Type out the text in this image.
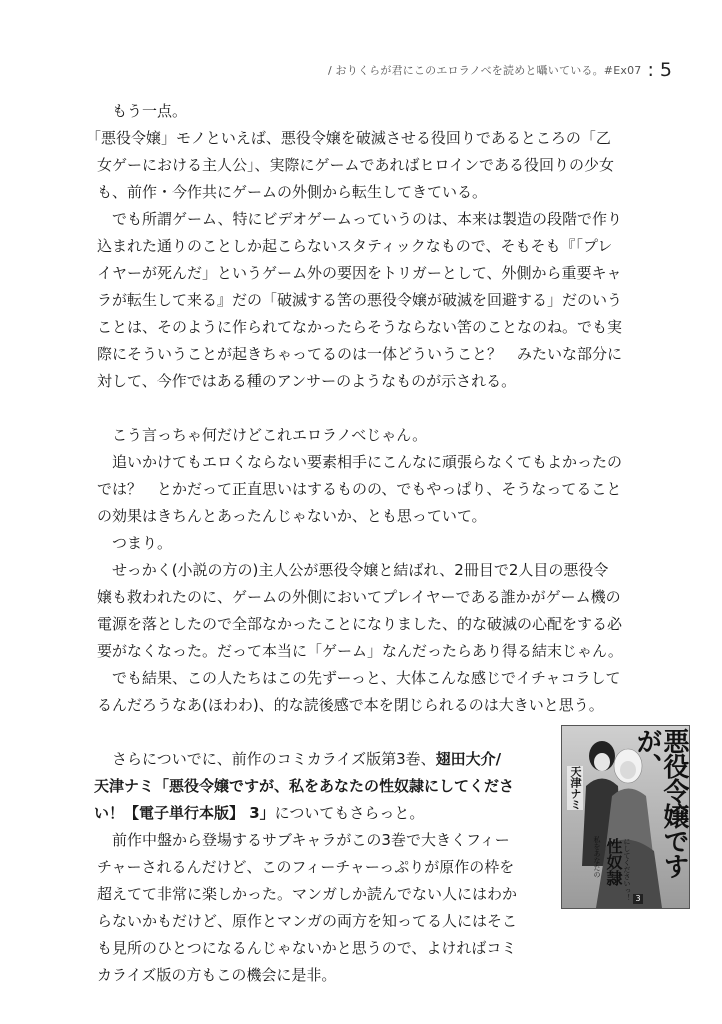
/ おりくらが君にこのエロラノべを読めと囁いている。#Ex07 : 5

　もう一点。

「悪役令嬢」モノといえば、悪役令嬢を破滅させる役回りであるところの「乙

女ゲーにおける主人公」、実際にゲームであればヒロインである役回りの少女

も、前作・今作共にゲームの外側から転生してきている。

　でも所謂ゲーム、特にビデオゲームっていうのは、本来は製造の段階で作り

込まれた通りのことしか起こらないスタティックなもので、そもそも『「プレ

イヤーが死んだ」というゲーム外の要因をトリガーとして、外側から重要キャ

ラが転生して来る』だの「破滅する筈の悪役令嬢が破滅を回避する」だのいう

ことは、そのように作られてなかったらそうならない筈のことなのね。でも実

際にそういうことが起きちゃってるのは一体どういうこと？　みたいな部分に

対して、今作ではある種のアンサーのようなものが示される。

　こう言っちゃ何だけどこれエロラノべじゃん。

　追いかけてもエロくならない要素相手にこんなに頑張らなくてもよかったの

では？　とかだって正直思いはするものの、でもやっぱり、そうなってること

の効果はきちんとあったんじゃないか、とも思っていて。

　つまり。

　せっかく(小説の方の)主人公が悪役令嬢と結ばれ、2冊目で2人目の悪役令

嬢も救われたのに、ゲームの外側においてプレイヤーである誰かがゲーム機の

電源を落としたので全部なかったことになりました、的な破滅の心配をする必

要がなくなった。だって本当に「ゲーム」なんだったらあり得る結末じゃん。

　でも結果、この人たちはこの先ずーっと、大体こんな感じでイチャコラして

るんだろうなあ(ほわわ)、的な読後感で本を閉じられるのは大きいと思う。

　さらについでに、前作のコミカライズ版第3巻、翅田大介/

天津ナミ「悪役令嬢ですが、私をあなたの性奴隷にしてくださ

い！【電子単行本版】 3」についてもさらっと。

　前作中盤から登場するサブキャラがこの3巻で大きくフィー

チャーされるんだけど、このフィーチャーっぷりが原作の枠を

超えてて非常に楽しかった。マンガしか読んでない人にはわか

らないかもだけど、原作とマンガの両方を知ってる人にはそこ

も見所のひとつになるんじゃないかと思うので、よければコミ

カライズ版の方もこの機会に是非。

悪役令嬢ですが、
天津ナミ
私をあなたの 性奴隷 にしてくださいっ！ 3
